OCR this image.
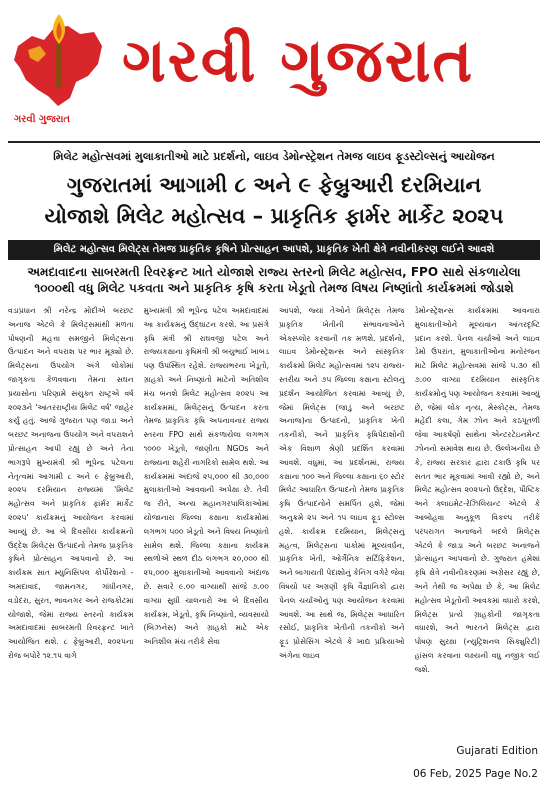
ગરવી ગુજરાત
ગરવી ગુજરાત
મિલેટ મહોત્સવમાં મુલાકાતીઓ માટે પ્રદર્શનો, લાઇવ ડેમોન્સ્ટ્રેશન તેમજ લાઇવ ફૂડસ્ટોલ્સનું આયોજન
ગુજરાતમાં આગામી ૮ અને ૯ ફેબ્રુઆરી દરમિયાન
યોજાશે મિલેટ મહોત્સવ – પ્રાકૃતિક ફાર્મર માર્કેટ ૨૦૨૫
મિલેટ મહોત્સવ મિલેટ્સ તેમજ પ્રાકૃતિક કૃષિને પ્રોત્સાહન આપશે, પ્રાકૃતિક ખેતી ક્ષેત્રે નવીનીકરણ લઈને આવશે
અમદાવાદના સાબરમતી રિવરફ્રન્ટ ખાતે યોજાશે રાજ્ય સ્તરનો મિલેટ મહોત્સવ, FPO સાથે સંકળાયેલા
૧૦૦૦થી વધુ મિલેટ પકવતા અને પ્રાકૃતિક કૃષિ કરતા ખેડૂતો તેમજ વિષય નિષ્ણાંતો કાર્યક્રમમાં જોડાશે
વડાપ્રધાન શ્રી નરેન્દ્ર મોદીએ બરછટ અનાજ એટલે કે મિલેટ્સમાંથી મળતા પોષણની મહત્તા સમજીને મિલેટ્સના ઉત્પાદન અને વપરાશ પર ભાર મૂક્યો છે. મિલેટ્સના ઉપયોગ અંગે લોકોમાં જાગૃકતા કેળવવાના તેમના સઘન પ્રયાસોના પરિણામે સંયુક્ત રાષ્ટ્રએ વર્ષ ૨૦૨૩ને 'આંતરરાષ્ટ્રીય મિલેટ વર્ષ' જાહેર કર્યું હતું. આજે ગુજરાત પણ જાડા અને બરછટ અનાજના ઉપયોગ અને વપરાશને પ્રોત્સાહન આપી રહ્યું છે અને તેના ભાગરૂપે મુખ્યમંત્રી શ્રી ભૂપેન્દ્ર પટેલના નેતૃત્વમાં આગામી ૮ અને ૯ ફેબ્રુઆરી, ૨૦૨૫ દરમિયાન રાજ્યમાં 'મિલેટ મહોત્સવ અને પ્રાકૃતિક ફાર્મર માર્કેટ ૨૦૨૫' કાર્યક્રમનું આયોજન કરવામાં આવ્યું છે. આ બે દિવસીય કાર્યક્રમનો ઉદ્દેશ મિલેટ્સ ઉત્પાદનો તેમજ પ્રાકૃતિક કૃષિને પ્રોત્સાહન આપવાનો છે. આ કાર્યક્રમ સાત મ્યુનિસિપલ કોર્પોરેશનો - અમદાવાદ, જામનગર, ગાંધીનગર, વડોદરા, સુરત, ભાવનગર અને રાજકોટમાં યોજાશે, જેમાં રાજ્ય સ્તરનો કાર્યક્રમ અમદાવાદમાં સાબરમતી રિવરફ્રન્ટ ખાતે આયોજિત થશે. ૮ ફેબ્રુઆરી, ૨૦૨૫ના રોજ બપોરે ૧૨.૧૫ વાગે
મુખ્યમંત્રી શ્રી ભૂપેન્દ્ર પટેલ અમદાવાદમાં આ કાર્યક્રમનું ઉદ્ઘાટન કરશે. આ પ્રસંગે કૃષિ મંત્રી શ્રી રાઘવજી પટેલ અને રાજ્યકક્ષાના કૃષિમંત્રી શ્રી બચુભાઈ ખાબડ પણ ઉપસ્થિત રહેશે. રાજ્યભરના ખેડૂતો, ગ્રાહકો અને નિષ્ણાંતો માટેનો અતિશીલ મંચ બનશે મિલેટ મહોત્સવ ૨૦૨૫ આ કાર્યક્રમમાં, મિલેટ્સનું ઉત્પાદન કરતા તેમજ પ્રાકૃતિક કૃષિ અપનાવનાર રાજ્ય સ્તરના FPO સાથે સંકળાયેલા લગભગ ૧૦૦૦ ખેડૂતો, જાણીતા NGOs અને રાજ્યના શહેરી નાગરિકો સામેલ થશે. આ કાર્યક્રમમાં અંદાજે ૨૫,૦૦૦ થી ૩૦,૦૦૦ મુલાકાતીઓ આવવાની અપેક્ષા છે. તેવી જ રીતે, અન્ય મહાનગરપાલિકાઓમાં યોજાનારા જિલ્લા કક્ષાના કાર્યક્રમોમાં લગભગ ૫૦૦ ખેડૂતો અને વિષય નિષ્ણાંતો સામેલ થશે. જિલ્લા કક્ષાના કાર્યક્રમ સ્થળોએ સ્થળ દીઠ લગભગ ૨૦,૦૦૦ થી ૨૫,૦૦૦ મુલાકાતીઓ આવવાનો અંદાજ છે. સવારે ૯.૦૦ વાગ્યાથી સાંજે ૭.૦૦ વાગ્યા સુધી ચાલનારો આ બે દિવસીય કાર્યક્રમ, ખેડૂતો, કૃષિ નિષ્ણાંતો, વ્યવસાયો (બિઝનેસ) અને ગ્રાહકો માટે એક અતિશીલ મંચ તરીકે સેવા
આપશે, જ્યાં તેઓને મિલેટ્સ તેમજ પ્રાકૃતિક ખેતીની સંભાવનાઓને એક્સ્પ્લોર કરવાની તક મળશે. પ્રદર્શનો, લાઇવ ડેમોન્સ્ટ્રેશન્સ અને સાંસ્કૃતિક કાર્યક્રમો મિલેટ મહોત્સવમાં ૧૨૫ રાજ્ય-સ્તરીય અને ૭૫ જિલ્લા કક્ષાના સ્ટોલનું પ્રદર્શન આયોજિત કરવામાં આવ્યું છે, જેમાં મિલેટ્સ (જાડું અને બરછટ અનાજ)ના ઉત્પાદનો, પ્રાકૃતિક ખેતી તકનીકો, અને પ્રાકૃતિક કૃષિપેદાશોની એક વિશાળ શ્રેણી પ્રદર્શિત કરવામાં આવશે. વધુમાં, આ પ્રદર્શનમાં, રાજ્ય કક્ષાના ૧૦૦ અને જિલ્લા કક્ષાના ૬૦ સ્ટોર મિલેટ આધારિત ઉત્પાદનો તેમજ પ્રાકૃતિક કૃષિ ઉત્પાદનોને સમર્પિત હશે, જેમાં અનુક્રમે ૨૫ અને ૧૫ લાઇવ ફૂડ સ્ટોલ્સ હશે. કાર્યક્રમ દરમિયાન, મિલેટ્સનું મહત્વ, મિલેટ્સના પાકોમાં મૂલ્યવર્ધન, પ્રાકૃતિક ખેતી, ઓર્ગેનિક સર્ટિફિકેશન, અને બાગાયતી પેદાશોનું કેનિંગ વગેરે જેવા વિષયો પર અગ્રણી કૃષિ વૈજ્ઞાનિકો દ્વારા પેનલ ચર્ચાઓનું પણ આયોજન કરવામાં આવશે. આ સાથે જ, મિલેટ્સ આધારિત રસોઈ, પ્રાકૃતિક ખેતીની તકનીકો અને ફૂડ પ્રોસેસિંગ એટલે કે ખાદ્ય પ્રક્રિયાઓ અંગેના લાઇવ
ડેમોન્સ્ટ્રેશન્સ કાર્યક્રમમાં આવનારા મુલાકાતીઓને મૂલ્યવાન આંતરદૃષ્ટિ પ્રદાન કરશે. પેનલ ચર્ચાઓ અને લાઇવ ડેમો ઉપરાંત, મુલાકાતીઓના મનોરંજન માટે મિલેટ મહોત્સવમાં સાંજે ૫.૩૦ થી ૭.૦૦ વાગ્યા દરમિયાન સાંસ્કૃતિક કાર્યક્રમોનું પણ આયોજન કરવામાં આવ્યું છે, જેમાં લોક નૃત્ય, મેસ્કોટ્સ, તેમજ મહેંદી કલા, ગેમ ઝોન અને કઠપૂતળી જેવા આકર્ષણો સાથેના એન્ટરટેઇનમેન્ટ ઝોનનો સમાવેશ થાય છે. ઉલ્લેખનીય છે કે, રાજ્ય સરકાર દ્વારા ટકાઉ કૃષિ પર સતત ભાર મૂકવામાં આવી રહ્યો છે, અને મિલેટ મહોત્સવ ૨૦૨૫નો ઉદ્દેશ, પૌષ્ટિક અને ક્લાઇમેટ-રેઝિલિયન્ટ એટલે કે આબોહવા અનુકૂળ વિકલ્પ તરીકે પરંપરાગત અનાજને બદલે મિલેટ્સ એટલે કે જાડા અને બરછટ અનાજને પ્રોત્સાહન આપવાનો છે. ગુજરાત હંમેશાં કૃષિ ક્ષેત્રે નવીનીકરણમાં અગ્રેસર રહ્યું છે, અને તેથી જ અપેક્ષા છે કે, આ મિલેટ મહોત્સવ ખેડૂતોની આવકમાં વધારો કરશે, મિલેટ્સ પ્રત્યે ગ્રાહકોની જાગૃકતા વધારશે, અને ભારતને મિલેટ્સ દ્વારા પોષણ સુરક્ષા (ન્યુટ્રિશનલ સિક્યુરિટી) હાંસલ કરવાના લક્ષ્યની વધુ નજીક લઈ જશે.
Gujarati Edition
06 Feb, 2025 Page No.2
